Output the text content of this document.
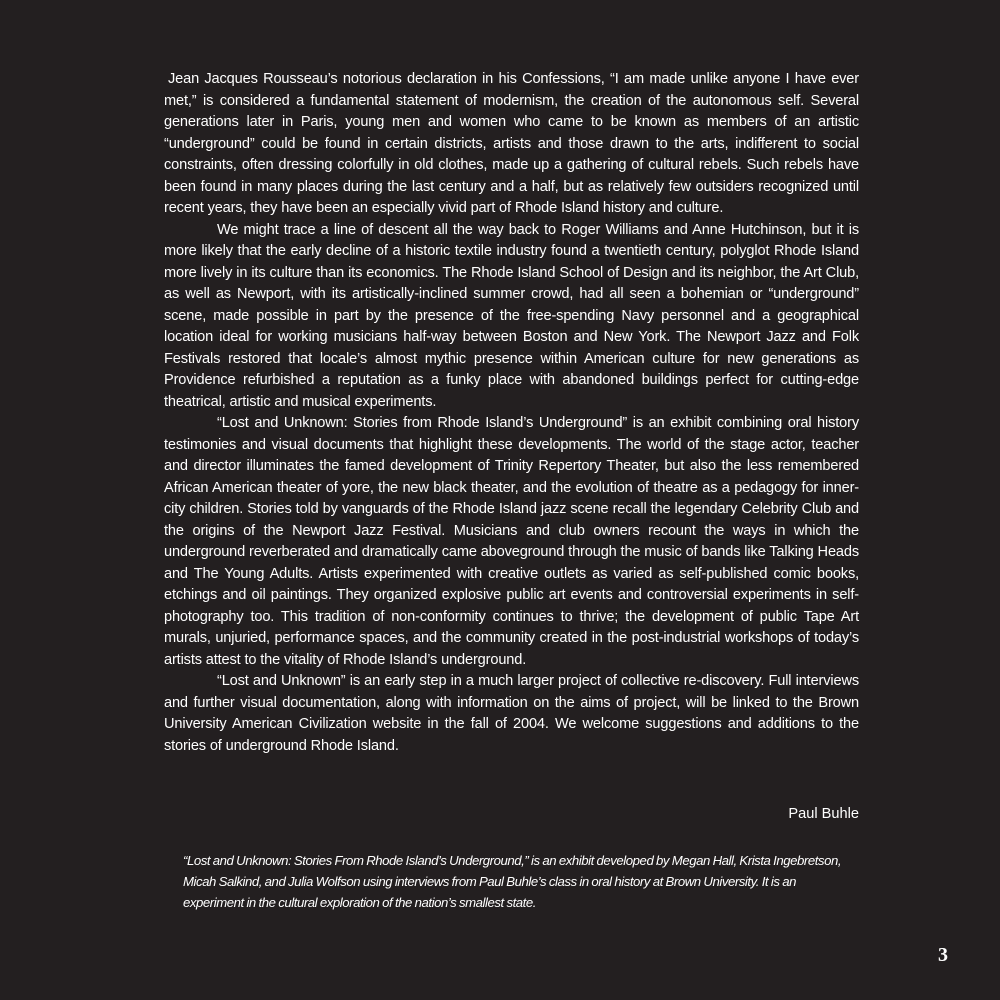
Jean Jacques Rousseau’s notorious declaration in his Confessions, “I am made unlike anyone I have ever met,” is considered a fundamental statement of modernism, the creation of the autonomous self. Several generations later in Paris, young men and women who came to be known as members of an artistic “underground” could be found in certain districts, artists and those drawn to the arts, indifferent to social constraints, often dressing colorfully in old clothes, made up a gathering of cultural rebels. Such rebels have been found in many places during the last century and a half, but as relatively few outsiders recognized until recent years, they have been an especially vivid part of Rhode Island history and culture.

We might trace a line of descent all the way back to Roger Williams and Anne Hutchinson, but it is more likely that the early decline of a historic textile industry found a twentieth century, polyglot Rhode Island more lively in its culture than its economics. The Rhode Island School of Design and its neighbor, the Art Club, as well as Newport, with its artistically-inclined summer crowd, had all seen a bohemian or “underground” scene, made possible in part by the presence of the free-spending Navy personnel and a geographical location ideal for working musicians half-way between Boston and New York. The Newport Jazz and Folk Festivals restored that locale’s almost mythic presence within American culture for new generations as Providence refurbished a reputation as a funky place with abandoned buildings perfect for cutting-edge theatrical, artistic and musical experiments.

“Lost and Unknown: Stories from Rhode Island’s Underground” is an exhibit combining oral history testimonies and visual documents that highlight these developments. The world of the stage actor, teacher and director illuminates the famed development of Trinity Repertory Theater, but also the less remembered African American theater of yore, the new black theater, and the evolution of theatre as a pedagogy for inner-city children. Stories told by vanguards of the Rhode Island jazz scene recall the legendary Celebrity Club and the origins of the Newport Jazz Festival. Musicians and club owners recount the ways in which the underground reverberated and dramatically came aboveground through the music of bands like Talking Heads and The Young Adults. Artists experimented with creative outlets as varied as self-published comic books, etchings and oil paintings. They organized explosive public art events and controversial experiments in self-photography too. This tradition of non-conformity continues to thrive; the development of public Tape Art murals, unjuried, performance spaces, and the community created in the post-industrial workshops of today’s artists attest to the vitality of Rhode Island’s underground.

“Lost and Unknown” is an early step in a much larger project of collective re-discovery. Full interviews and further visual documentation, along with information on the aims of project, will be linked to the Brown University American Civilization website in the fall of 2004. We welcome suggestions and additions to the stories of underground Rhode Island.

Paul Buhle
“Lost and Unknown: Stories From Rhode Island’s Underground,” is an exhibit developed by Megan Hall, Krista Ingebretson, Micah Salkind, and Julia Wolfson using interviews from Paul Buhle’s class in oral history at Brown University. It is an experiment in the cultural exploration of the nation’s smallest state.
3
